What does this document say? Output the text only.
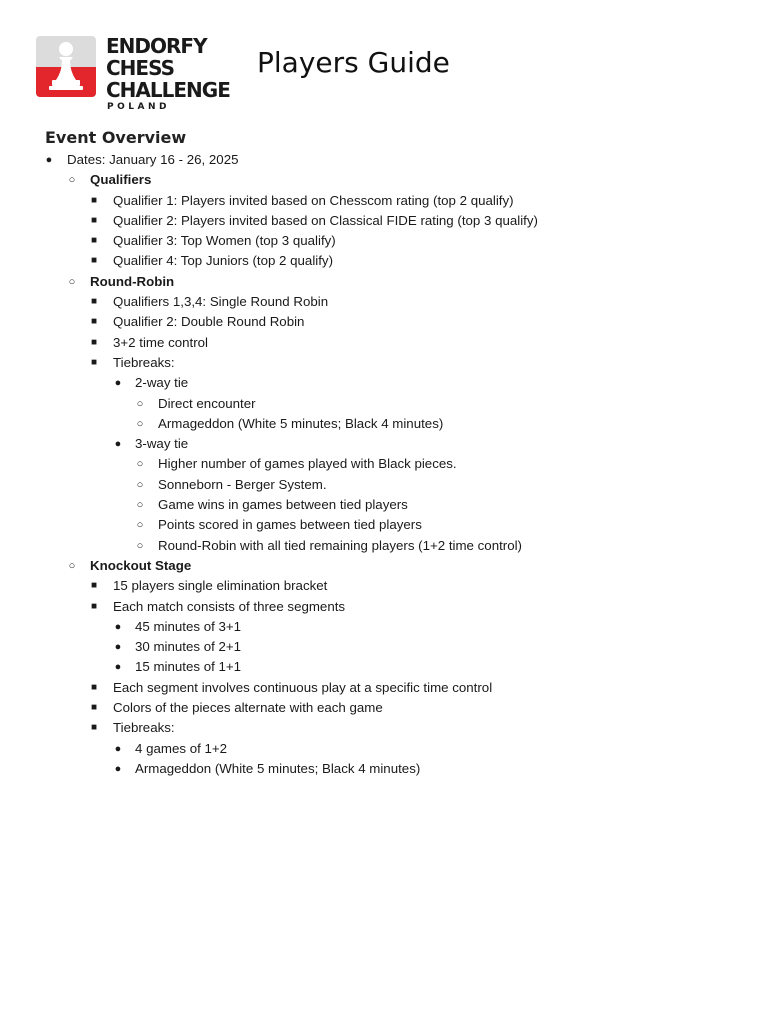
ENDORFY
CHESS
CHALLENGE
POLAND
Players Guide
Event Overview
● Dates: January 16 - 26, 2025
○ Qualifiers
■ Qualifier 1: Players invited based on Chesscom rating (top 2 qualify)
■ Qualifier 2: Players invited based on Classical FIDE rating (top 3 qualify)
■ Qualifier 3: Top Women (top 3 qualify)
■ Qualifier 4: Top Juniors (top 2 qualify)
○ Round-Robin
■ Qualifiers 1,3,4: Single Round Robin
■ Qualifier 2: Double Round Robin
■ 3+2 time control
■ Tiebreaks:
● 2-way tie
○ Direct encounter
○ Armageddon (White 5 minutes; Black 4 minutes)
● 3-way tie
○ Higher number of games played with Black pieces.
○ Sonneborn - Berger System.
○ Game wins in games between tied players
○ Points scored in games between tied players
○ Round-Robin with all tied remaining players (1+2 time control)
○ Knockout Stage
■ 15 players single elimination bracket
■ Each match consists of three segments
● 45 minutes of 3+1
● 30 minutes of 2+1
● 15 minutes of 1+1
■ Each segment involves continuous play at a specific time control
■ Colors of the pieces alternate with each game
■ Tiebreaks:
● 4 games of 1+2
● Armageddon (White 5 minutes; Black 4 minutes)
